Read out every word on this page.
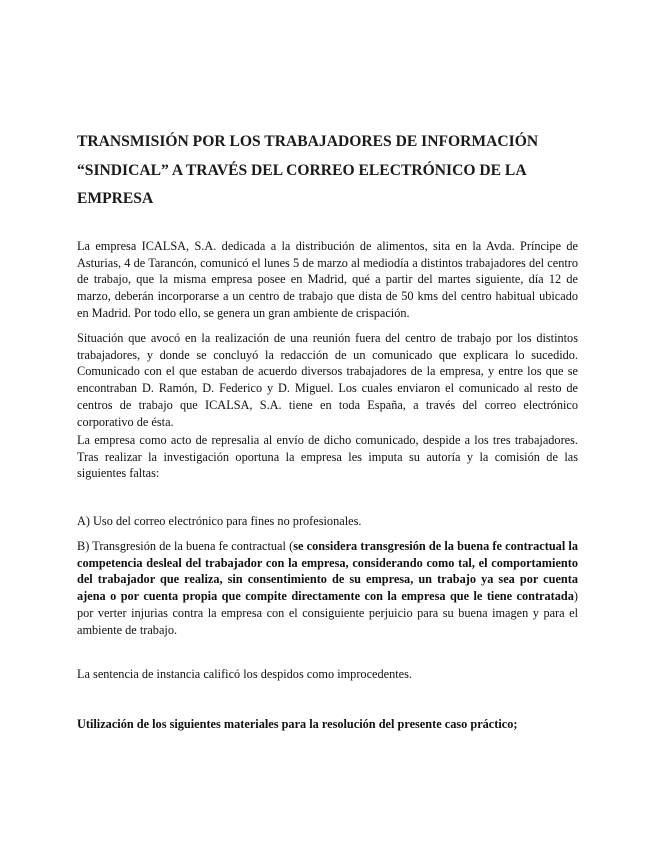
TRANSMISIÓN POR LOS TRABAJADORES DE INFORMACIÓN “SINDICAL” A TRAVÉS DEL CORREO ELECTRÓNICO DE LA EMPRESA

La empresa ICALSA, S.A. dedicada a la distribución de alimentos, sita en la Avda. Príncipe de Asturias, 4 de Tarancón, comunicó el lunes 5 de marzo al mediodía a distintos trabajadores del centro de trabajo, que la misma empresa posee en Madrid, qué a partir del martes siguiente, día 12 de marzo, deberán incorporarse a un centro de trabajo que dista de 50 kms del centro habitual ubicado en Madrid. Por todo ello, se genera un gran ambiente de crispación.

Situación que avocó en la realización de una reunión fuera del centro de trabajo por los distintos trabajadores, y donde se concluyó la redacción de un comunicado que explicara lo sucedido. Comunicado con el que estaban de acuerdo diversos trabajadores de la empresa, y entre los que se encontraban D. Ramón, D. Federico y D. Miguel. Los cuales enviaron el comunicado al resto de centros de trabajo que ICALSA, S.A. tiene en toda España, a través del correo electrónico corporativo de ésta.

La empresa como acto de represalia al envío de dicho comunicado, despide a los tres trabajadores. Tras realizar la investigación oportuna la empresa les imputa su autoría y la comisión de las siguientes faltas:

A) Uso del correo electrónico para fines no profesionales.

B) Transgresión de la buena fe contractual (se considera transgresión de la buena fe contractual la competencia desleal del trabajador con la empresa, considerando como tal, el comportamiento del trabajador que realiza, sin consentimiento de su empresa, un trabajo ya sea por cuenta ajena o por cuenta propia que compite directamente con la empresa que le tiene contratada) por verter injurias contra la empresa con el consiguiente perjuicio para su buena imagen y para el ambiente de trabajo.

La sentencia de instancia calificó los despidos como improcedentes.

Utilización de los siguientes materiales para la resolución del presente caso práctico;
